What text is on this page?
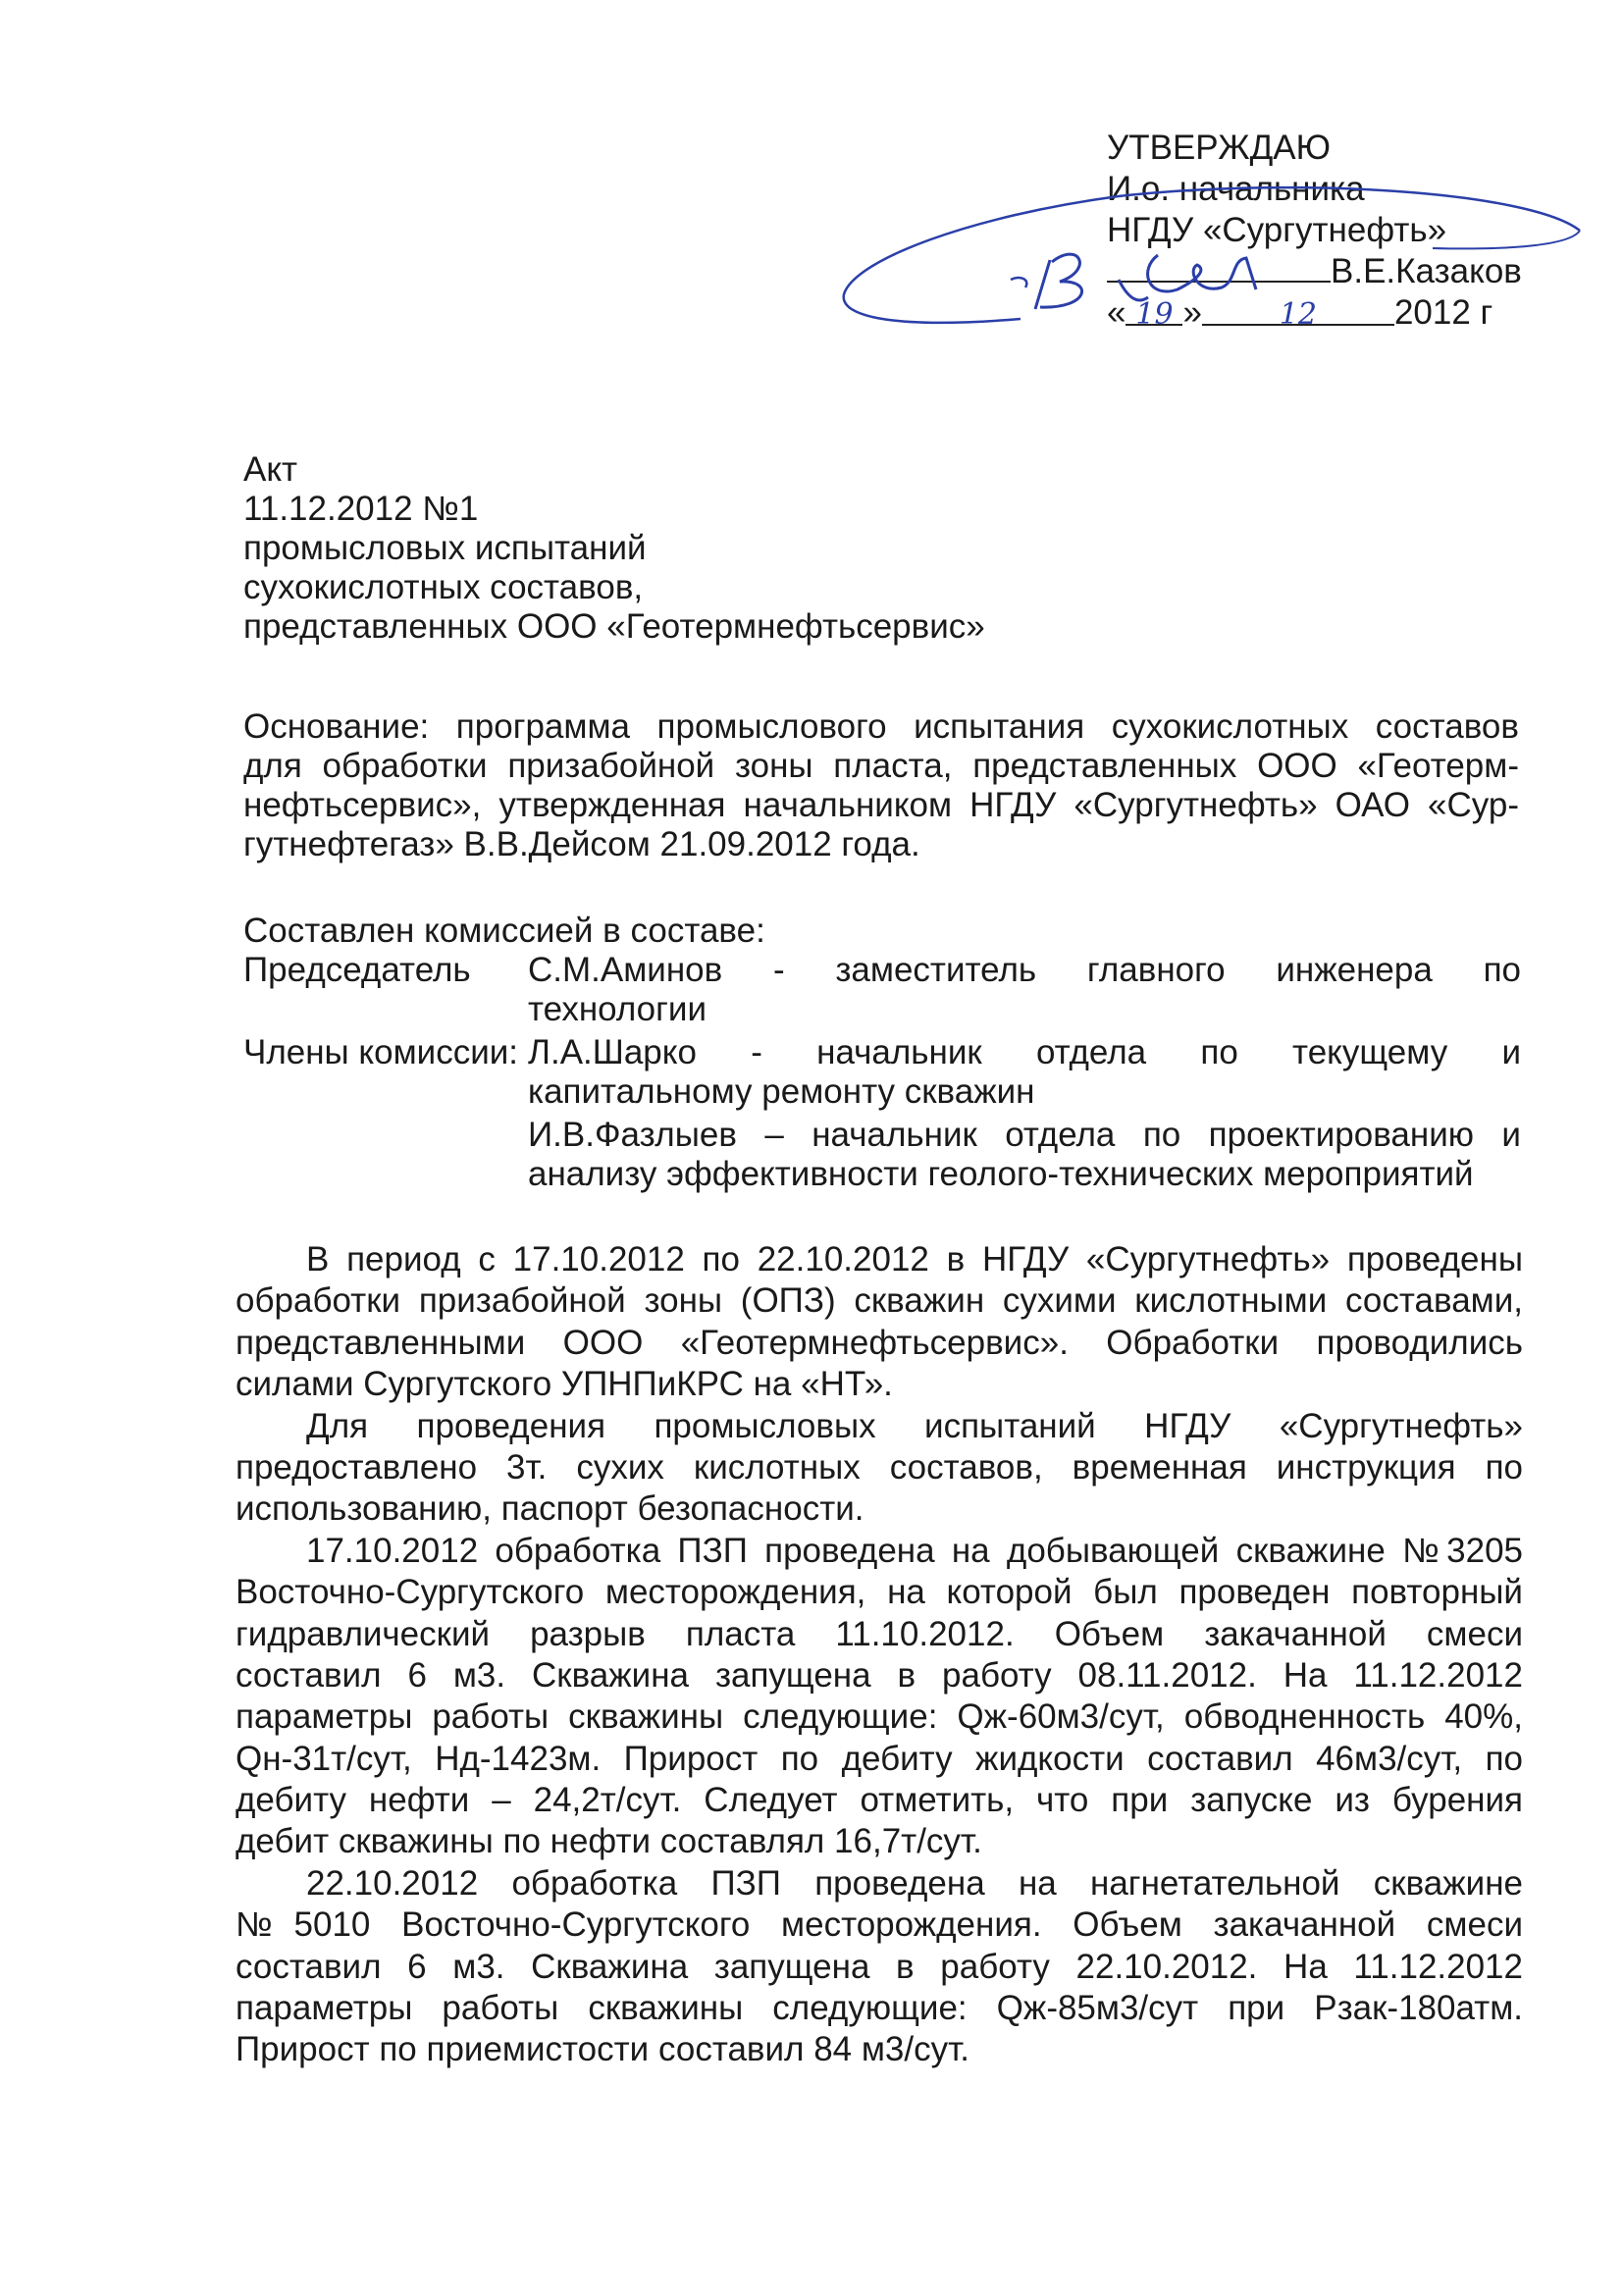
УТВЕРЖДАЮ
И.о. начальника
НГДУ «Сургутнефть»
В.Е.Казаков
« 19 »	12 2012 г
Акт
11.12.2012 №1
промысловых испытаний
сухокислотных составов,
представленных ООО «Геотермнефтьсервис»
Основание: программа промыслового испытания сухокислотных составов
для обработки призабойной зоны пласта, представленных ООО «Геотерм-
нефтьсервис», утвержденная начальником НГДУ «Сургутнефть» ОАО «Сур-
гутнефтегаз» В.В.Дейсом 21.09.2012 года.
Составлен комиссией в составе:
Председатель С.М.Аминов - заместитель главного инженера по
технологии
Члены комиссии: Л.А.Шарко - начальник отдела по текущему и
капитальному ремонту скважин
И.В.Фазлыев – начальник отдела по проектированию и
анализу эффективности геолого-технических мероприятий
В период с 17.10.2012 по 22.10.2012 в НГДУ «Сургутнефть» проведены
обработки призабойной зоны (ОПЗ) скважин сухими кислотными составами,
представленными ООО «Геотермнефтьсервис». Обработки проводились
силами Сургутского УПНПиКРС на «НТ».
Для проведения промысловых испытаний НГДУ «Сургутнефть»
предоставлено 3т. сухих кислотных составов, временная инструкция по
использованию, паспорт безопасности.
17.10.2012 обработка ПЗП проведена на добывающей скважине №3205
Восточно-Сургутского месторождения, на которой был проведен повторный
гидравлический разрыв пласта 11.10.2012. Объем закачанной смеси
составил 6 м3. Скважина запущена в работу 08.11.2012. На 11.12.2012
параметры работы скважины следующие: Qж-60м3/сут, обводненность 40%,
Qн-31т/сут, Нд-1423м. Прирост по дебиту жидкости составил 46м3/сут, по
дебиту нефти – 24,2т/сут. Следует отметить, что при запуске из бурения
дебит скважины по нефти составлял 16,7т/сут.
22.10.2012 обработка ПЗП проведена на нагнетательной скважине
№5010 Восточно-Сургутского месторождения. Объем закачанной смеси
составил 6 м3. Скважина запущена в работу 22.10.2012. На 11.12.2012
параметры работы скважины следующие: Qж-85м3/сут при Рзак-180атм.
Прирост по приемистости составил 84 м3/сут.
